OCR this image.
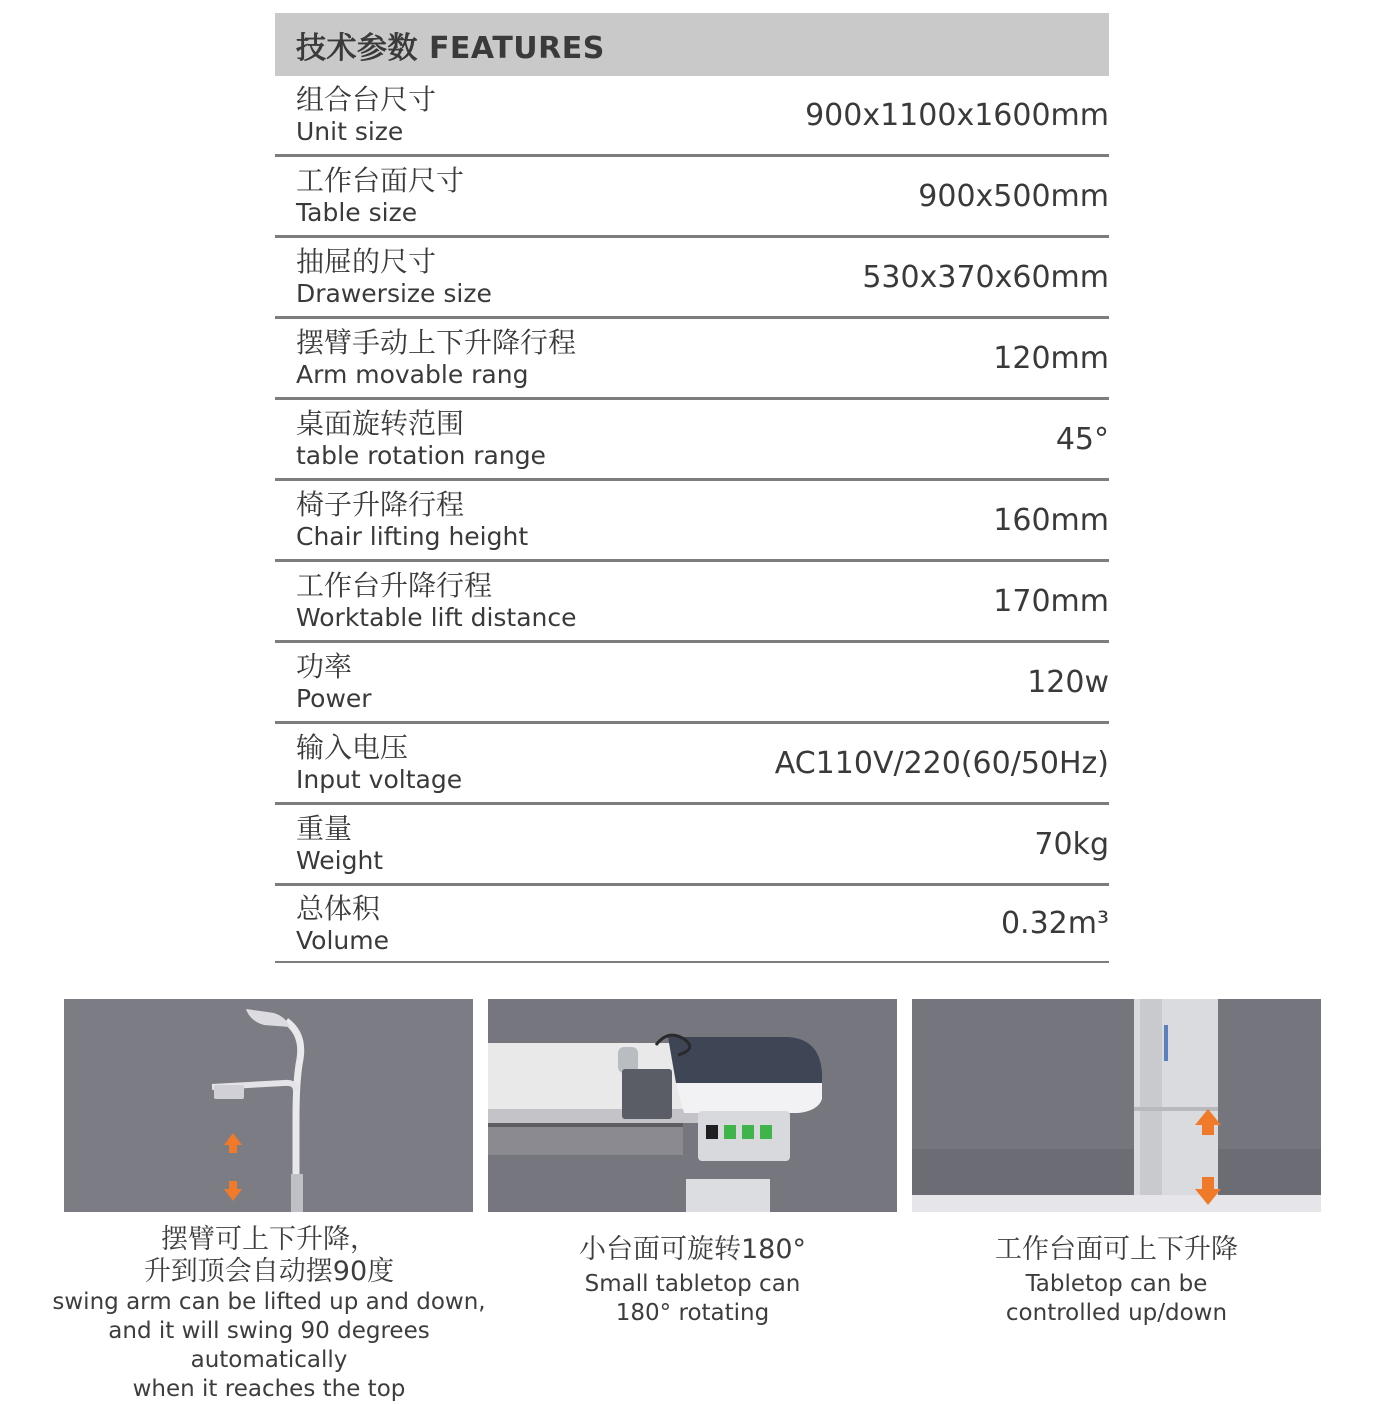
技术参数 FEATURES
组合台尺寸
Unit size	900x1100x1600mm
工作台面尺寸
Table size	900x500mm
抽屉的尺寸
Drawersize size	530x370x60mm
摆臂手动上下升降行程
Arm movable rang	120mm
桌面旋转范围
table rotation range	45°
椅子升降行程
Chair lifting height	160mm
工作台升降行程
Worktable lift distance	170mm
功率
Power	120w
输入电压
Input voltage	AC110V/220(60/50Hz)
重量
Weight	70kg
总体积
Volume	0.32m³
摆臂可上下升降，
升到顶会自动摆90度
swing arm can be lifted up and down,
and it will swing 90 degrees automatically
when it reaches the top
小台面可旋转180°
Small tabletop can
180° rotating
工作台面可上下升降
Tabletop can be
controlled up/down
